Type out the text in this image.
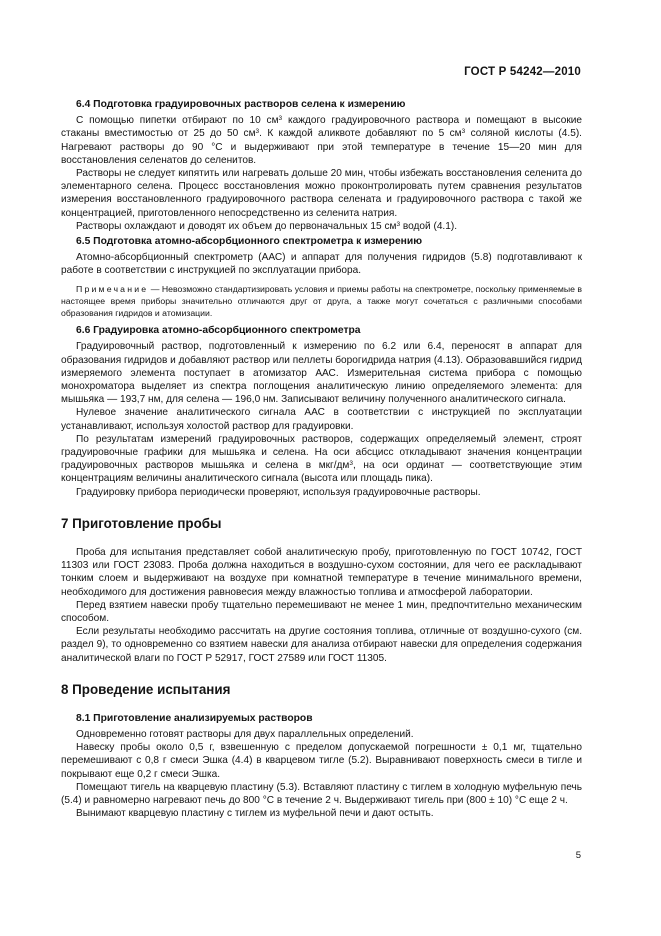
ГОСТ Р 54242—2010
6.4 Подготовка градуировочных растворов селена к измерению

С помощью пипетки отбирают по 10 $см^3$ каждого градуировочного раствора и помещают в высокие стаканы вместимостью от 25 до 50 $см^3$. К каждой аликвоте добавляют по 5 $см^3$ соляной кислоты (4.5). Нагревают растворы до 90 °С и выдерживают при этой температуре в течение 15—20 мин для восстановления селенатов до селенитов.

Растворы не следует кипятить или нагревать дольше 20 мин, чтобы избежать восстановления селенита до элементарного селена. Процесс восстановления можно проконтролировать путем сравнения результатов измерения восстановленного градуировочного раствора селената и градуировочного раствора с такой же концентрацией, приготовленного непосредственно из селенита натрия.

Растворы охлаждают и доводят их объем до первоначальных 15 $см^3$ водой (4.1).

6.5 Подготовка атомно-абсорбционного спектрометра к измерению

Атомно-абсорбционный спектрометр (ААС) и аппарат для получения гидридов (5.8) подготавливают к работе в соответствии с инструкцией по эксплуатации прибора.

Примечание — Невозможно стандартизировать условия и приемы работы на спектрометре, поскольку применяемые в настоящее время приборы значительно отличаются друг от друга, а также могут сочетаться с различными способами образования гидридов и атомизации.

6.6 Градуировка атомно-абсорбционного спектрометра

Градуировочный раствор, подготовленный к измерению по 6.2 или 6.4, переносят в аппарат для образования гидридов и добавляют раствор или пеллеты борогидрида натрия (4.13). Образовавшийся гидрид измеряемого элемента поступает в атомизатор ААС. Измерительная система прибора с помощью монохроматора выделяет из спектра поглощения аналитическую линию определяемого элемента: для мышьяка — 193,7 нм, для селена — 196,0 нм. Записывают величину полученного аналитического сигнала.

Нулевое значение аналитического сигнала ААС в соответствии с инструкцией по эксплуатации устанавливают, используя холостой раствор для градуировки.

По результатам измерений градуировочных растворов, содержащих определяемый элемент, строят градуировочные графики для мышьяка и селена. На оси абсцисс откладывают значения концентрации градуировочных растворов мышьяка и селена в мкг/$дм^3$, на оси ординат — соответствующие этим концентрациям величины аналитического сигнала (высота или площадь пика).

Градуировку прибора периодически проверяют, используя градуировочные растворы.

7 Приготовление пробы

Проба для испытания представляет собой аналитическую пробу, приготовленную по ГОСТ 10742, ГОСТ 11303 или ГОСТ 23083. Проба должна находиться в воздушно-сухом состоянии, для чего ее раскладывают тонким слоем и выдерживают на воздухе при комнатной температуре в течение минимального времени, необходимого для достижения равновесия между влажностью топлива и атмосферой лаборатории.

Перед взятием навески пробу тщательно перемешивают не менее 1 мин, предпочтительно механическим способом.

Если результаты необходимо рассчитать на другие состояния топлива, отличные от воздушно-сухого (см. раздел 9), то одновременно со взятием навески для анализа отбирают навески для определения содержания аналитической влаги по ГОСТ Р 52917, ГОСТ 27589 или ГОСТ 11305.

8 Проведение испытания
8.1 Приготовление анализируемых растворов

Одновременно готовят растворы для двух параллельных определений.

Навеску пробы около 0,5 г, взвешенную с пределом допускаемой погрешности ± 0,1 мг, тщательно перемешивают с 0,8 г смеси Эшка (4.4) в кварцевом тигле (5.2). Выравнивают поверхность смеси в тигле и покрывают еще 0,2 г смеси Эшка.

Помещают тигель на кварцевую пластину (5.3). Вставляют пластину с тиглем в холодную муфельную печь (5.4) и равномерно нагревают печь до 800 °С в течение 2 ч. Выдерживают тигель при (800 ± 10) °С еще 2 ч.

Вынимают кварцевую пластину с тиглем из муфельной печи и дают остыть.

5
